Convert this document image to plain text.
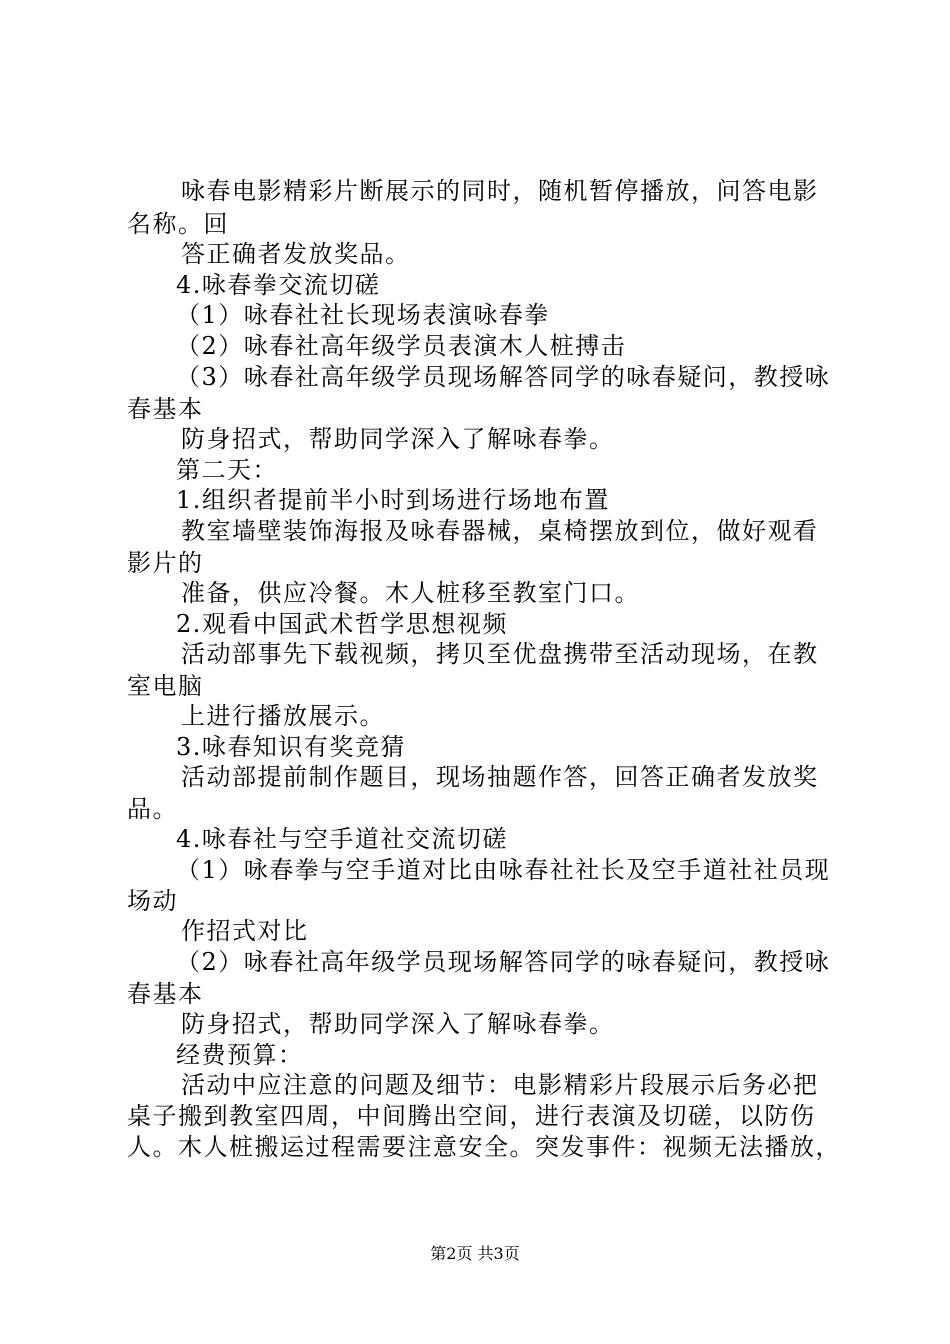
咏春电影精彩片断展示的同时，随机暂停播放，问答电影
名称。回
答正确者发放奖品。
4.咏春拳交流切磋
（1）咏春社社长现场表演咏春拳
（2）咏春社高年级学员表演木人桩搏击
（3）咏春社高年级学员现场解答同学的咏春疑问，教授咏
春基本
防身招式，帮助同学深入了解咏春拳。
第二天：
1.组织者提前半小时到场进行场地布置
教室墙壁装饰海报及咏春器械，桌椅摆放到位，做好观看
影片的
准备，供应冷餐。木人桩移至教室门口。
2.观看中国武术哲学思想视频
活动部事先下载视频，拷贝至优盘携带至活动现场，在教
室电脑
上进行播放展示。
3.咏春知识有奖竞猜
活动部提前制作题目，现场抽题作答，回答正确者发放奖
品。
4.咏春社与空手道社交流切磋
（1）咏春拳与空手道对比由咏春社社长及空手道社社员现
场动
作招式对比
（2）咏春社高年级学员现场解答同学的咏春疑问，教授咏
春基本
防身招式，帮助同学深入了解咏春拳。
经费预算：
活动中应注意的问题及细节：电影精彩片段展示后务必把
桌子搬到教室四周，中间腾出空间，进行表演及切磋，以防伤
人。木人桩搬运过程需要注意安全。突发事件：视频无法播放，
第2页 共3页
